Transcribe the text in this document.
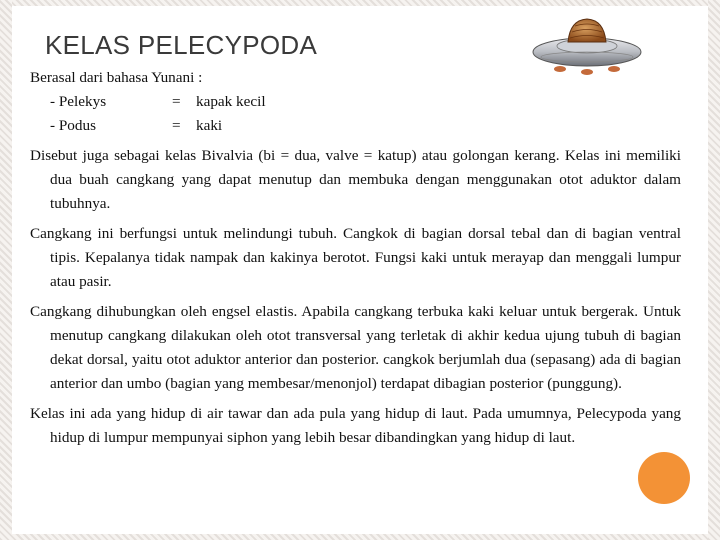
KELAS PELECYPODA

Berasal dari bahasa Yunani :

- Pelekys	=	kapak kecil
- Podus	=	kaki

Disebut juga sebagai kelas Bivalvia (bi = dua, valve = katup) atau golongan kerang. Kelas ini memiliki dua buah cangkang yang dapat menutup dan membuka dengan menggunakan otot aduktor dalam tubuhnya.

Cangkang ini berfungsi untuk melindungi tubuh. Cangkok di bagian dorsal tebal dan di bagian ventral tipis. Kepalanya tidak nampak dan kakinya berotot. Fungsi kaki untuk merayap dan menggali lumpur atau pasir.

Cangkang dihubungkan oleh engsel elastis. Apabila cangkang terbuka kaki keluar untuk bergerak. Untuk menutup cangkang dilakukan oleh otot transversal yang terletak di akhir kedua ujung tubuh di bagian dekat dorsal, yaitu otot aduktor anterior dan posterior. cangkok berjumlah dua (sepasang) ada di bagian anterior dan umbo (bagian yang membesar/menonjol) terdapat dibagian posterior (punggung).

Kelas ini ada yang hidup di air tawar dan ada pula yang hidup di laut. Pada umumnya, Pelecypoda yang hidup di lumpur mempunyai siphon yang lebih besar dibandingkan yang hidup di laut.
